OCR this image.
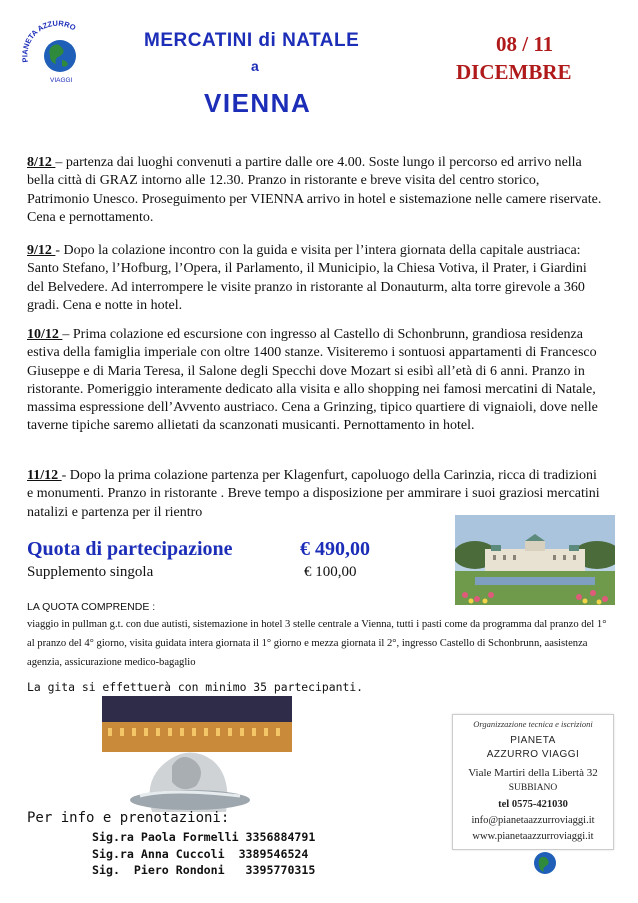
PIANETA AZZURRO
VIAGGI
MERCATINI di NATALE
a
VIENNA
08 / 11
DICEMBRE

8/12 – partenza dai luoghi convenuti a partire dalle ore 4.00. Soste lungo il percorso ed arrivo nella bella città di GRAZ intorno alle 12.30. Pranzo in ristorante e breve visita del centro storico, Patrimonio Unesco. Proseguimento per VIENNA arrivo in hotel e sistemazione nelle camere riservate. Cena e pernottamento.

9/12 - Dopo la colazione incontro con la guida e visita per l’intera giornata della capitale austriaca: Santo Stefano, l’Hofburg, l’Opera, il Parlamento, il Municipio, la Chiesa Votiva, il Prater, i Giardini del Belvedere. Ad interrompere le visite pranzo in ristorante al Donauturm, alta torre girevole a 360 gradi. Cena e notte in hotel.

10/12 – Prima colazione ed escursione con ingresso al Castello di Schonbrunn, grandiosa residenza estiva della famiglia imperiale con oltre 1400 stanze. Visiteremo i sontuosi appartamenti di Francesco Giuseppe e di Maria Teresa, il Salone degli Specchi dove Mozart si esibì all’età di 6 anni. Pranzo in ristorante. Pomeriggio interamente dedicato alla visita e allo shopping nei famosi mercatini di Natale, massima espressione dell’Avvento austriaco. Cena a Grinzing, tipico quartiere di vignaioli, dove nelle taverne tipiche saremo allietati da scanzonati musicanti. Pernottamento in hotel.

11/12 - Dopo la prima colazione partenza per Klagenfurt, capoluogo della Carinzia, ricca di tradizioni e monumenti. Pranzo in ristorante . Breve tempo a disposizione per ammirare i suoi graziosi mercatini natalizi e partenza per il rientro

Quota di partecipazione	€ 490,00
Supplemento singola	€ 100,00
LA QUOTA COMPRENDE :

viaggio in pullman g.t. con due autisti, sistemazione in hotel 3 stelle centrale a Vienna, tutti i pasti come da programma dal pranzo del 1° al pranzo del 4° giorno, visita guidata intera giornata il 1° giorno e mezza giornata il 2°, ingresso Castello di Schonbrunn, aasistenza agenzia, assicurazione medico-bagaglio

La gita si effettuerà con minimo 35 partecipanti.
Organizzazione tecnica e iscrizioni
PIANETA
AZZURRO VIAGGI
Viale Martiri della Libertà 32
SUBBIANO
tel 0575-421030
info@pianetaazzurroviaggi.it
www.pianetaazzurroviaggi.it
Per info e prenotazioni:
Sig.ra Paola Formelli 3356884791
Sig.ra Anna Cuccoli  3389546524
Sig.  Piero Rondoni   3395770315
